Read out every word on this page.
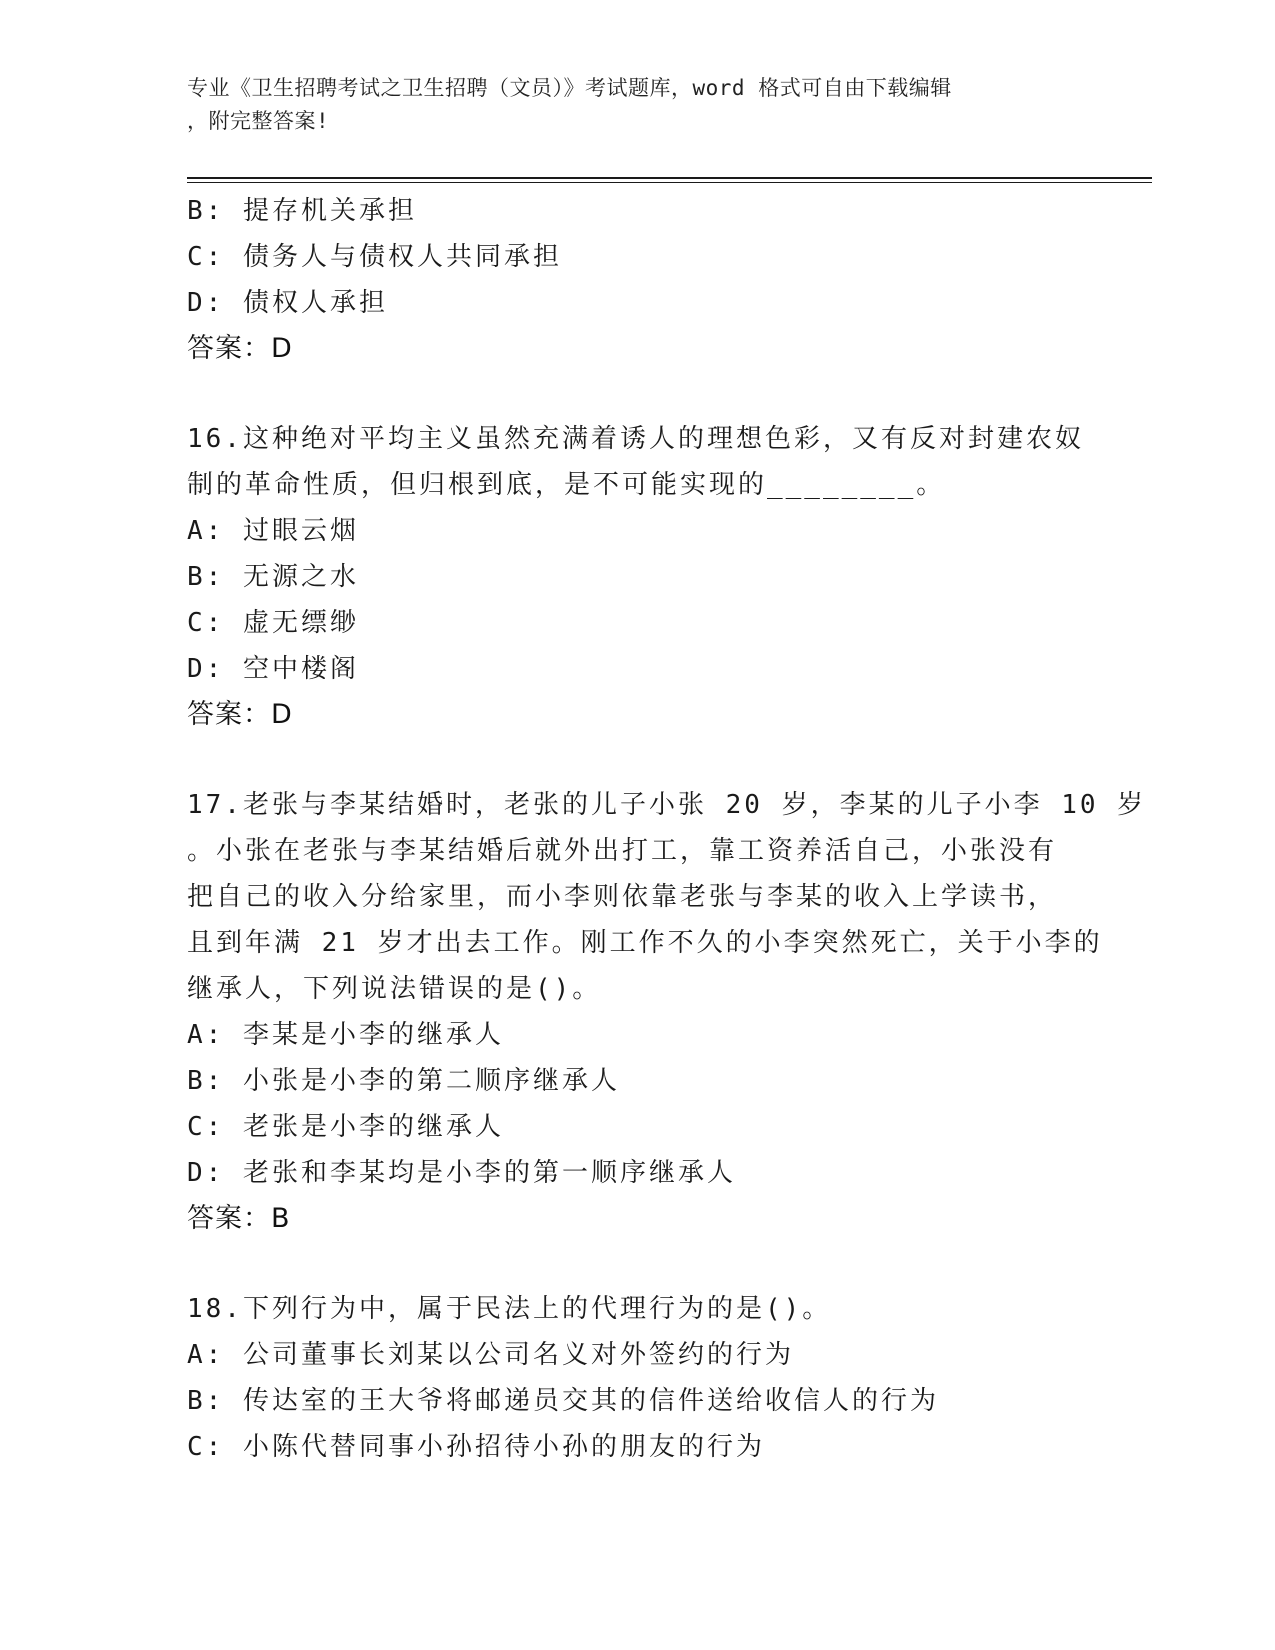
专业《卫生招聘考试之卫生招聘（文员）》考试题库，word 格式可自由下载编辑
，附完整答案!
B: 提存机关承担
C: 债务人与债权人共同承担
D: 债权人承担
答案：D
16.这种绝对平均主义虽然充满着诱人的理想色彩，又有反对封建农奴
制的革命性质，但归根到底，是不可能实现的________。
A: 过眼云烟
B: 无源之水
C: 虚无缥缈
D: 空中楼阁
答案：D
17.老张与李某结婚时，老张的儿子小张 20 岁，李某的儿子小李 10 岁
。小张在老张与李某结婚后就外出打工，靠工资养活自己，小张没有
把自己的收入分给家里，而小李则依靠老张与李某的收入上学读书，
且到年满 21 岁才出去工作。刚工作不久的小李突然死亡，关于小李的
继承人，下列说法错误的是()。
A: 李某是小李的继承人
B: 小张是小李的第二顺序继承人
C: 老张是小李的继承人
D: 老张和李某均是小李的第一顺序继承人
答案：B
18.下列行为中，属于民法上的代理行为的是()。
A: 公司董事长刘某以公司名义对外签约的行为
B: 传达室的王大爷将邮递员交其的信件送给收信人的行为
C: 小陈代替同事小孙招待小孙的朋友的行为
